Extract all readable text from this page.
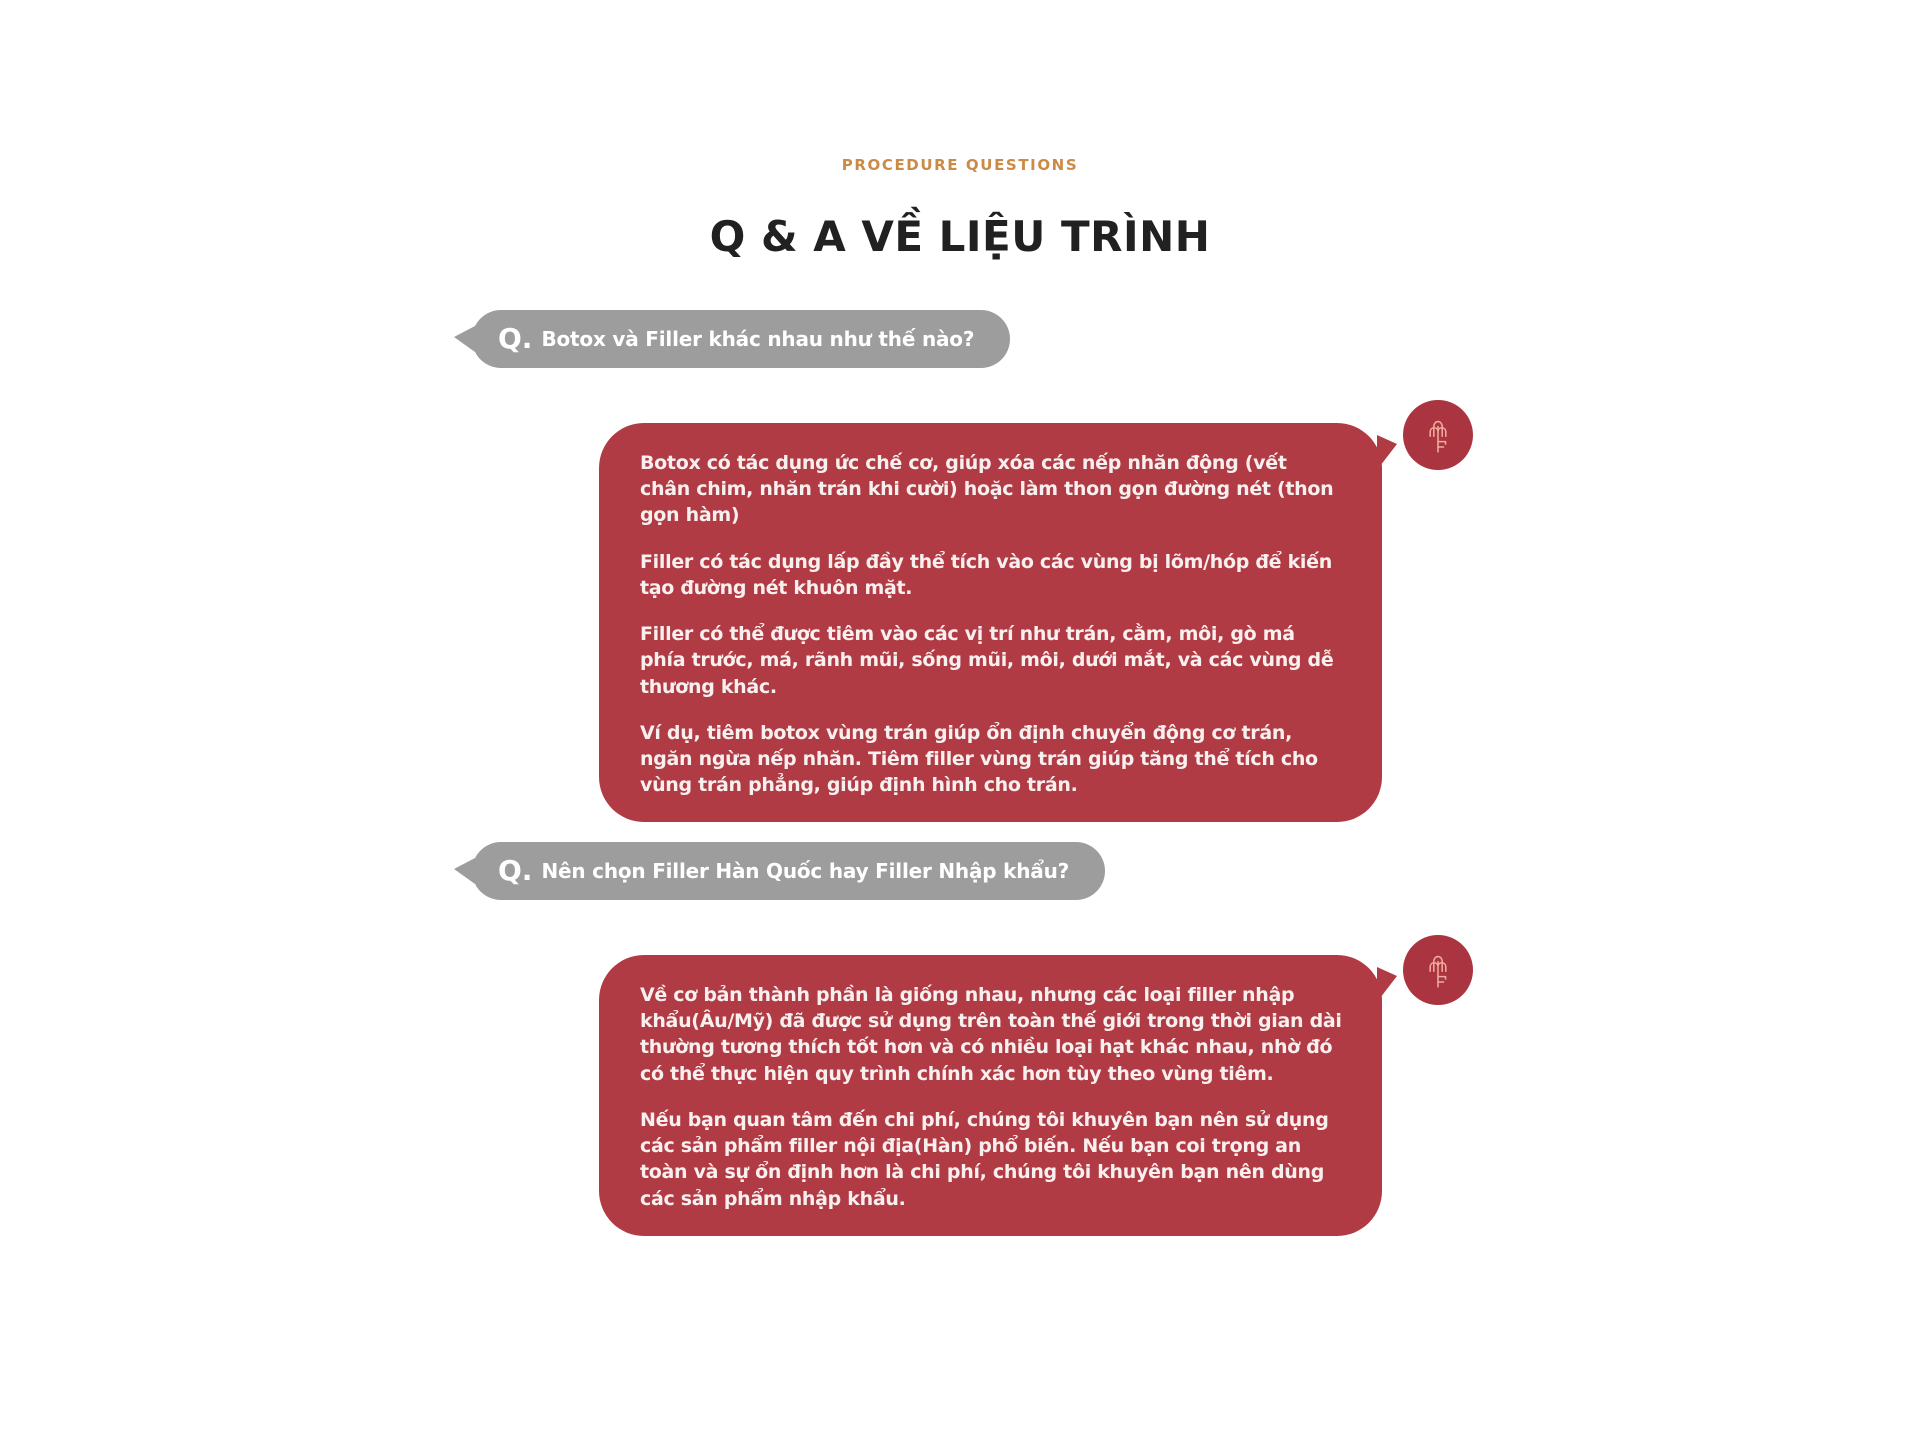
PROCEDURE QUESTIONS
Q & A VỀ LIỆU TRÌNH
Q. Botox và Filler khác nhau như thế nào?

Botox có tác dụng ức chế cơ, giúp xóa các nếp nhăn động (vết chân chim, nhăn trán khi cười) hoặc làm thon gọn đường nét (thon gọn hàm)

Filler có tác dụng lấp đầy thể tích vào các vùng bị lõm/hóp để kiến tạo đường nét khuôn mặt.

Filler có thể được tiêm vào các vị trí như trán, cằm, môi, gò má phía trước, má, rãnh mũi, sống mũi, môi, dưới mắt, và các vùng dễ thương khác.

Ví dụ, tiêm botox vùng trán giúp ổn định chuyển động cơ trán, ngăn ngừa nếp nhăn. Tiêm filler vùng trán giúp tăng thể tích cho vùng trán phẳng, giúp định hình cho trán.

Q. Nên chọn Filler Hàn Quốc hay Filler Nhập khẩu?

Về cơ bản thành phần là giống nhau, nhưng các loại filler nhập khẩu(Âu/Mỹ) đã được sử dụng trên toàn thế giới trong thời gian dài thường tương thích tốt hơn và có nhiều loại hạt khác nhau, nhờ đó có thể thực hiện quy trình chính xác hơn tùy theo vùng tiêm.

Nếu bạn quan tâm đến chi phí, chúng tôi khuyên bạn nên sử dụng các sản phẩm filler nội địa(Hàn) phổ biến. Nếu bạn coi trọng an toàn và sự ổn định hơn là chi phí, chúng tôi khuyên bạn nên dùng các sản phẩm nhập khẩu.
